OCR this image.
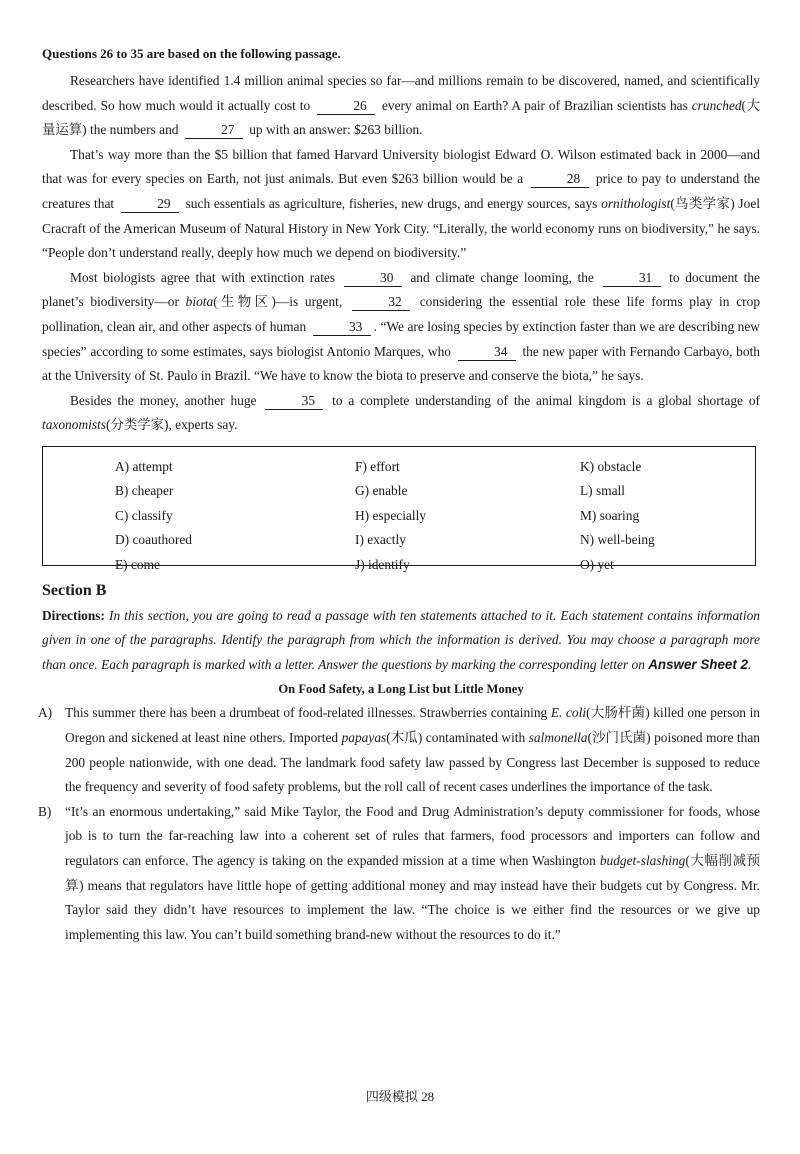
Questions 26 to 35 are based on the following passage.

Researchers have identified 1.4 million animal species so far—and millions remain to be discovered, named, and scientifically described. So how much would it actually cost to	26 every animal on Earth? A pair of Brazilian scientists has crunched(大量运算) the numbers and	27 up with an answer: $263 billion.

That’s way more than the $5 billion that famed Harvard University biologist Edward O. Wilson estimated back in 2000—and that was for every species on Earth, not just animals. But even $263 billion would be a	28 price to pay to understand the creatures that	29 such essentials as agriculture, fisheries, new drugs, and energy sources, says ornithologist(鸟类学家) Joel Cracraft of the American Museum of Natural History in New York City. “Literally, the world economy runs on biodiversity,” he says. “People don’t understand really, deeply how much we depend on biodiversity.”

Most biologists agree that with extinction rates	30 and climate change looming, the	31 to document the planet’s biodiversity—or biota(生物区)—is urgent,	32 considering the essential role these life forms play in crop pollination, clean air, and other aspects of human	33 . “We are losing species by extinction faster than we are describing new species” according to some estimates, says biologist Antonio Marques, who	34 the new paper with Fernando Carbayo, both at the University of St. Paulo in Brazil. “We have to know the biota to preserve and conserve the biota,” he says.

Besides the money, another huge	35 to a complete understanding of the animal kingdom is a global shortage of taxonomists(分类学家), experts say.

A) attempt
B) cheaper
C) classify
D) coauthored
E) come
F) effort
G) enable
H) especially
I) exactly
J) identify
K) obstacle
L) small
M) soaring
N) well-being
O) yet
Section B

Directions: In this section, you are going to read a passage with ten statements attached to it. Each statement contains information given in one of the paragraphs. Identify the paragraph from which the information is derived. You may choose a paragraph more than once. Each paragraph is marked with a letter. Answer the questions by marking the corresponding letter on Answer Sheet 2.

On Food Safety, a Long List but Little Money
A) This summer there has been a drumbeat of food-related illnesses. Strawberries containing E. coli(大肠杆菌) killed one person in Oregon and sickened at least nine others. Imported papayas(木瓜) contaminated with salmonella(沙门氏菌) poisoned more than 200 people nationwide, with one dead. The landmark food safety law passed by Congress last December is supposed to reduce the frequency and severity of food safety problems, but the roll call of recent cases underlines the importance of the task.
B)	“It’s an enormous undertaking,” said Mike Taylor, the Food and Drug Administration’s deputy commissioner for foods, whose job is to turn the far-reaching law into a coherent set of rules that farmers, food processors and importers can follow and regulators can enforce. The agency is taking on the expanded mission at a time when Washington budget-slashing(大幅削减预算) means that regulators have little hope of getting additional money and may instead have their budgets cut by Congress. Mr. Taylor said they didn’t have resources to implement the law. “The choice is we either find the resources or we give up implementing this law. You can’t build something brand-new without the resources to do it.”
四级模拟 28
